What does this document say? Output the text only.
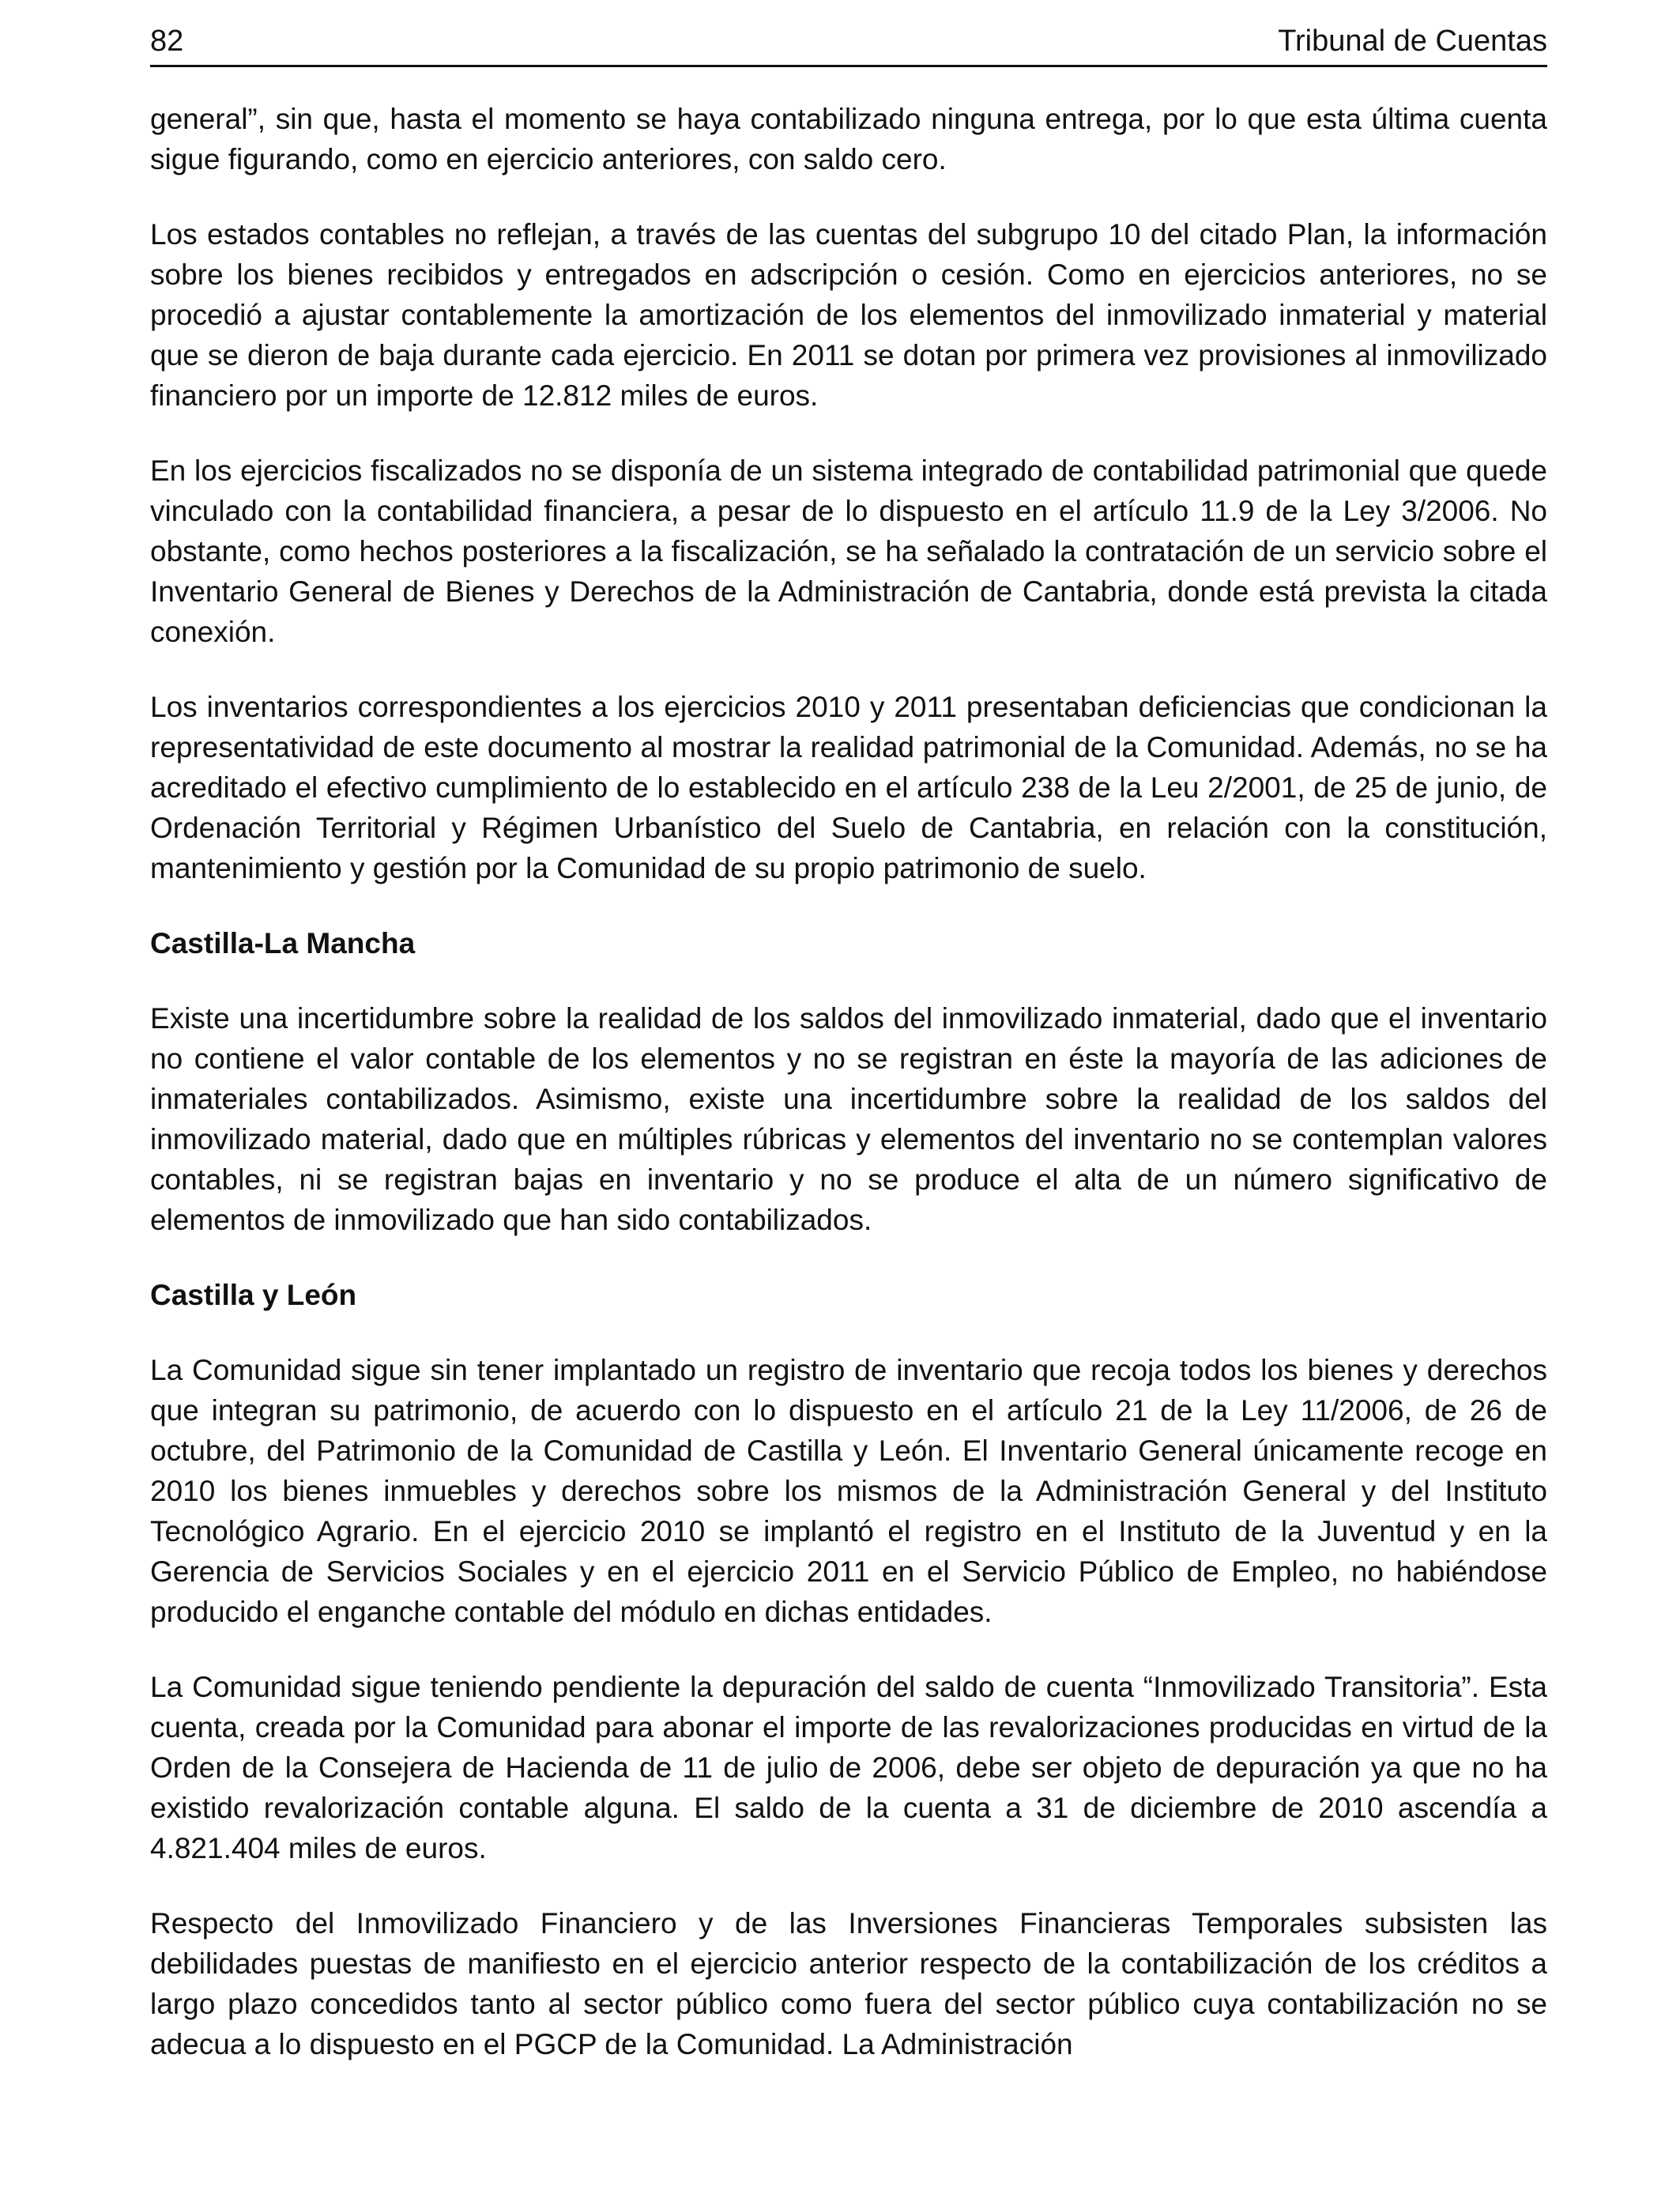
82	Tribunal de Cuentas

general”, sin que, hasta el momento se haya contabilizado ninguna entrega, por lo que esta última cuenta sigue figurando, como en ejercicio anteriores, con saldo cero.

Los estados contables no reflejan, a través de las cuentas del subgrupo 10 del citado Plan, la información sobre los bienes recibidos y entregados en adscripción o cesión. Como en ejercicios anteriores, no se procedió a ajustar contablemente la amortización de los elementos del inmovilizado inmaterial y material que se dieron de baja durante cada ejercicio. En 2011 se dotan por primera vez provisiones al inmovilizado financiero por un importe de 12.812 miles de euros.

En los ejercicios fiscalizados no se disponía de un sistema integrado de contabilidad patrimonial que quede vinculado con la contabilidad financiera, a pesar de lo dispuesto en el artículo 11.9 de la Ley 3/2006. No obstante, como hechos posteriores a la fiscalización, se ha señalado la contratación de un servicio sobre el Inventario General de Bienes y Derechos de la Administración de Cantabria, donde está prevista la citada conexión.

Los inventarios correspondientes a los ejercicios 2010 y 2011 presentaban deficiencias que condicionan la representatividad de este documento al mostrar la realidad patrimonial de la Comunidad. Además, no se ha acreditado el efectivo cumplimiento de lo establecido en el artículo 238 de la Leu 2/2001, de 25 de junio, de Ordenación Territorial y Régimen Urbanístico del Suelo de Cantabria, en relación con la constitución, mantenimiento y gestión por la Comunidad de su propio patrimonio de suelo.

Castilla-La Mancha

Existe una incertidumbre sobre la realidad de los saldos del inmovilizado inmaterial, dado que el inventario no contiene el valor contable de los elementos y no se registran en éste la mayoría de las adiciones de inmateriales contabilizados. Asimismo, existe una incertidumbre sobre la realidad de los saldos del inmovilizado material, dado que en múltiples rúbricas y elementos del inventario no se contemplan valores contables, ni se registran bajas en inventario y no se produce el alta de un número significativo de elementos de inmovilizado que han sido contabilizados.

Castilla y León

La Comunidad sigue sin tener implantado un registro de inventario que recoja todos los bienes y derechos que integran su patrimonio, de acuerdo con lo dispuesto en el artículo 21 de la Ley 11/2006, de 26 de octubre, del Patrimonio de la Comunidad de Castilla y León. El Inventario General únicamente recoge en 2010 los bienes inmuebles y derechos sobre los mismos de la Administración General y del Instituto Tecnológico Agrario. En el ejercicio 2010 se implantó el registro en el Instituto de la Juventud y en la Gerencia de Servicios Sociales y en el ejercicio 2011 en el Servicio Público de Empleo, no habiéndose producido el enganche contable del módulo en dichas entidades.

La Comunidad sigue teniendo pendiente la depuración del saldo de cuenta “Inmovilizado Transitoria”. Esta cuenta, creada por la Comunidad para abonar el importe de las revalorizaciones producidas en virtud de la Orden de la Consejera de Hacienda de 11 de julio de 2006, debe ser objeto de depuración ya que no ha existido revalorización contable alguna. El saldo de la cuenta a 31 de diciembre de 2010 ascendía a 4.821.404 miles de euros.

Respecto del Inmovilizado Financiero y de las Inversiones Financieras Temporales subsisten las debilidades puestas de manifiesto en el ejercicio anterior respecto de la contabilización de los créditos a largo plazo concedidos tanto al sector público como fuera del sector público cuya contabilización no se adecua a lo dispuesto en el PGCP de la Comunidad. La Administración
